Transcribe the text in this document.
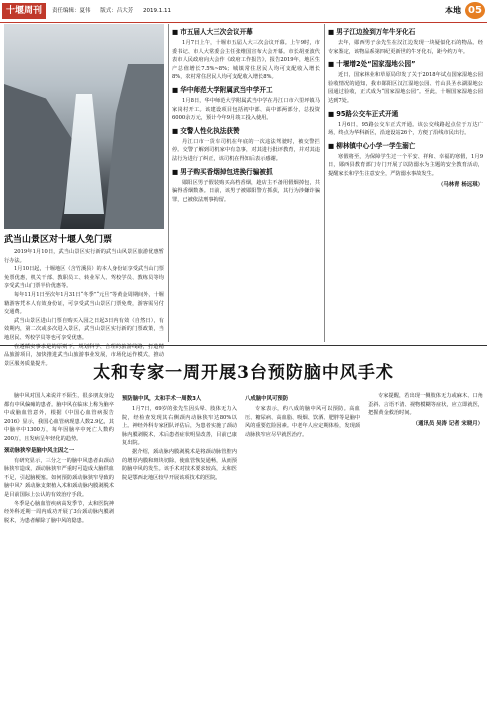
十堰周刊	责任编辑：夏伟 版式：吕大芳 2019.1.11	本地 05
武当山景区对十堰人免门票

2019年1月10日，武当山景区实行新的武当山风景区旅游优惠暂行办法。

1月10日起，十堰地区（含竹溪县）的本人身份证享受武当山门票免票优惠，机关干部、教职员工、转业军人、驾校学员、教练员等均享受武当山门票半价优惠等。

每年11月1日至次年1月31日“冬季”“元旦”等黄金周期间外，十堰籍游客凭本人有效身份证，可享受武当山景区门票免费，游客需另付交通费。

武当山景区进山门票自购买入园之日起3日内有效（自然日），有效期内，第二次或多次进入景区，武当山景区实行新的门票政策，当地居民、驾校学员等也可享受优惠。

在遵循实事求是的原则下，规划科学、合理的旅游线路，打造精品旅游项目，加快推进武当山旅游事业发展，市场化运作模式，推动景区服务质量提升。

■ 市五届人大三次会议开幕

1月7日上午，十堰市五届人大三次会议开幕。上午9时，市委书记、市人大常委会主任张维国宣布大会开幕。市长胡亚波代表市人民政府向大会作《政府工作报告》，报告2019年，地区生产总值增长7.5%~8%；城镇常住居民人均可支配收入增长8%，农村常住居民人均可支配收入增长8%。

■ 华中师范大学附属武当中学开工

1月8日，华中师范大学附属武当中学在丹江口市六里坪镇马家岗村开工。该建设项目包括初中部、高中部两部分，总投资6000余万元，预计今年9月竣工投入使用。

■ 交警人性化执法获赞

丹江口市一货车司机在年底的一次违法驾驶时，被交警拦停。交警了解到司机家中有急事，对其进行批评教育，并对其违法行为进行了纠正，该司机在得知后表示感谢。

■ 男子购买香烟掉包进换行骗被抓

郧阳区男子假装购买高档香烟，趁店主不备用假烟掉包，共骗得香烟数条。日前，该男子被郧阳警方抓获，其行为涉嫌诈骗罪，已被依法刑事拘留。

■ 男子江边捡到万年牛牙化石

去年，郧西男子余先生在汉江边发现一块疑似化石的物品。经专家鉴定，该物品系第四纪更新世的牛牙化石，距今约万年。

■ 十堰增2处“国家湿地公园”

近日，国家林业和草原局印发了关于2018年试点国家湿地公园验收情况的通知，我市郧阳区汉江湿地公园、竹山县圣水湖湿地公园通过验收，正式成为“国家湿地公园”。至此，十堰国家湿地公园达到7处。

■ 95路公交车正式开通

1月6日，95路公交车正式开通。该公交线路起点位于万达广场，终点为华科新区，沿途设站26个，方便了沿线市民出行。

■ 柳林镇中心小学一学生溺亡

寒假将至，为保障学生过一个平安、祥和、幸福的寒假，1月9日，郧西县教育部门专门开展了以防溺水为主题的安全教育活动，提醒家长和学生注意安全，严防溺水事故发生。

（马林青 杨远琪）
太和专家一周开展3台预防脑中风手术

脑中风对国人来说并不陌生，很多朋友身边都有中风偏瘫的患者。脑中风在临床上称为脑卒中或脑血管意外，根据《中国心血管病报告2016》显示，我国心血管病现患人数2.9亿，其中脑卒中1300万，每年因脑卒中死亡人数约200万，且发病呈年轻化的趋势。

颈动脉狭窄是脑中风主因之一

有研究显示，三分之一的脑中风患者由颈动脉狭窄造成，颈动脉狭窄严重时可造成大脑供血不足，引起脑梗塞。如何预防颈动脉狭窄导致的脑中风？颈动脉支架植入术和颈动脉内膜剥脱术是目前国际上公认的有效治疗手段。

冬季是心脑血管疾病高发季节，太和医院神经外科近期一周内成功开展了3台颈动脉内膜剥脱术，为患者解除了脑中风的隐患。

预防脑中风，太和手术一周数3人

1月7日，69岁的张先生因头晕、肢体无力入院，经检查发现其右侧颈内动脉狭窄达80%以上。神经外科专家团队评估后，为患者实施了颈动脉内膜剥脱术，术后患者症状明显改善，目前已康复出院。

据介绍，颈动脉内膜剥脱术是将颈动脉管腔内的增厚内膜和斑块切除，使血管恢复通畅，从而预防脑中风的发生。该手术对技术要求较高，太和医院是鄂西北地区较早开展该项技术的医院。

八成脑中风可预防

专家表示，约八成的脑中风可以预防。高血压、糖尿病、高血脂、吸烟、饮酒、肥胖等是脑中风的重要危险因素。中老年人应定期体检，发现颈动脉狭窄应尽早就医治疗。

专家提醒，若出现一侧肢体无力或麻木、口角歪斜、言语不清、视物模糊等症状，应立即就医，把握黄金救治时间。

（通讯员 吴涛 记者 宋晓月）
